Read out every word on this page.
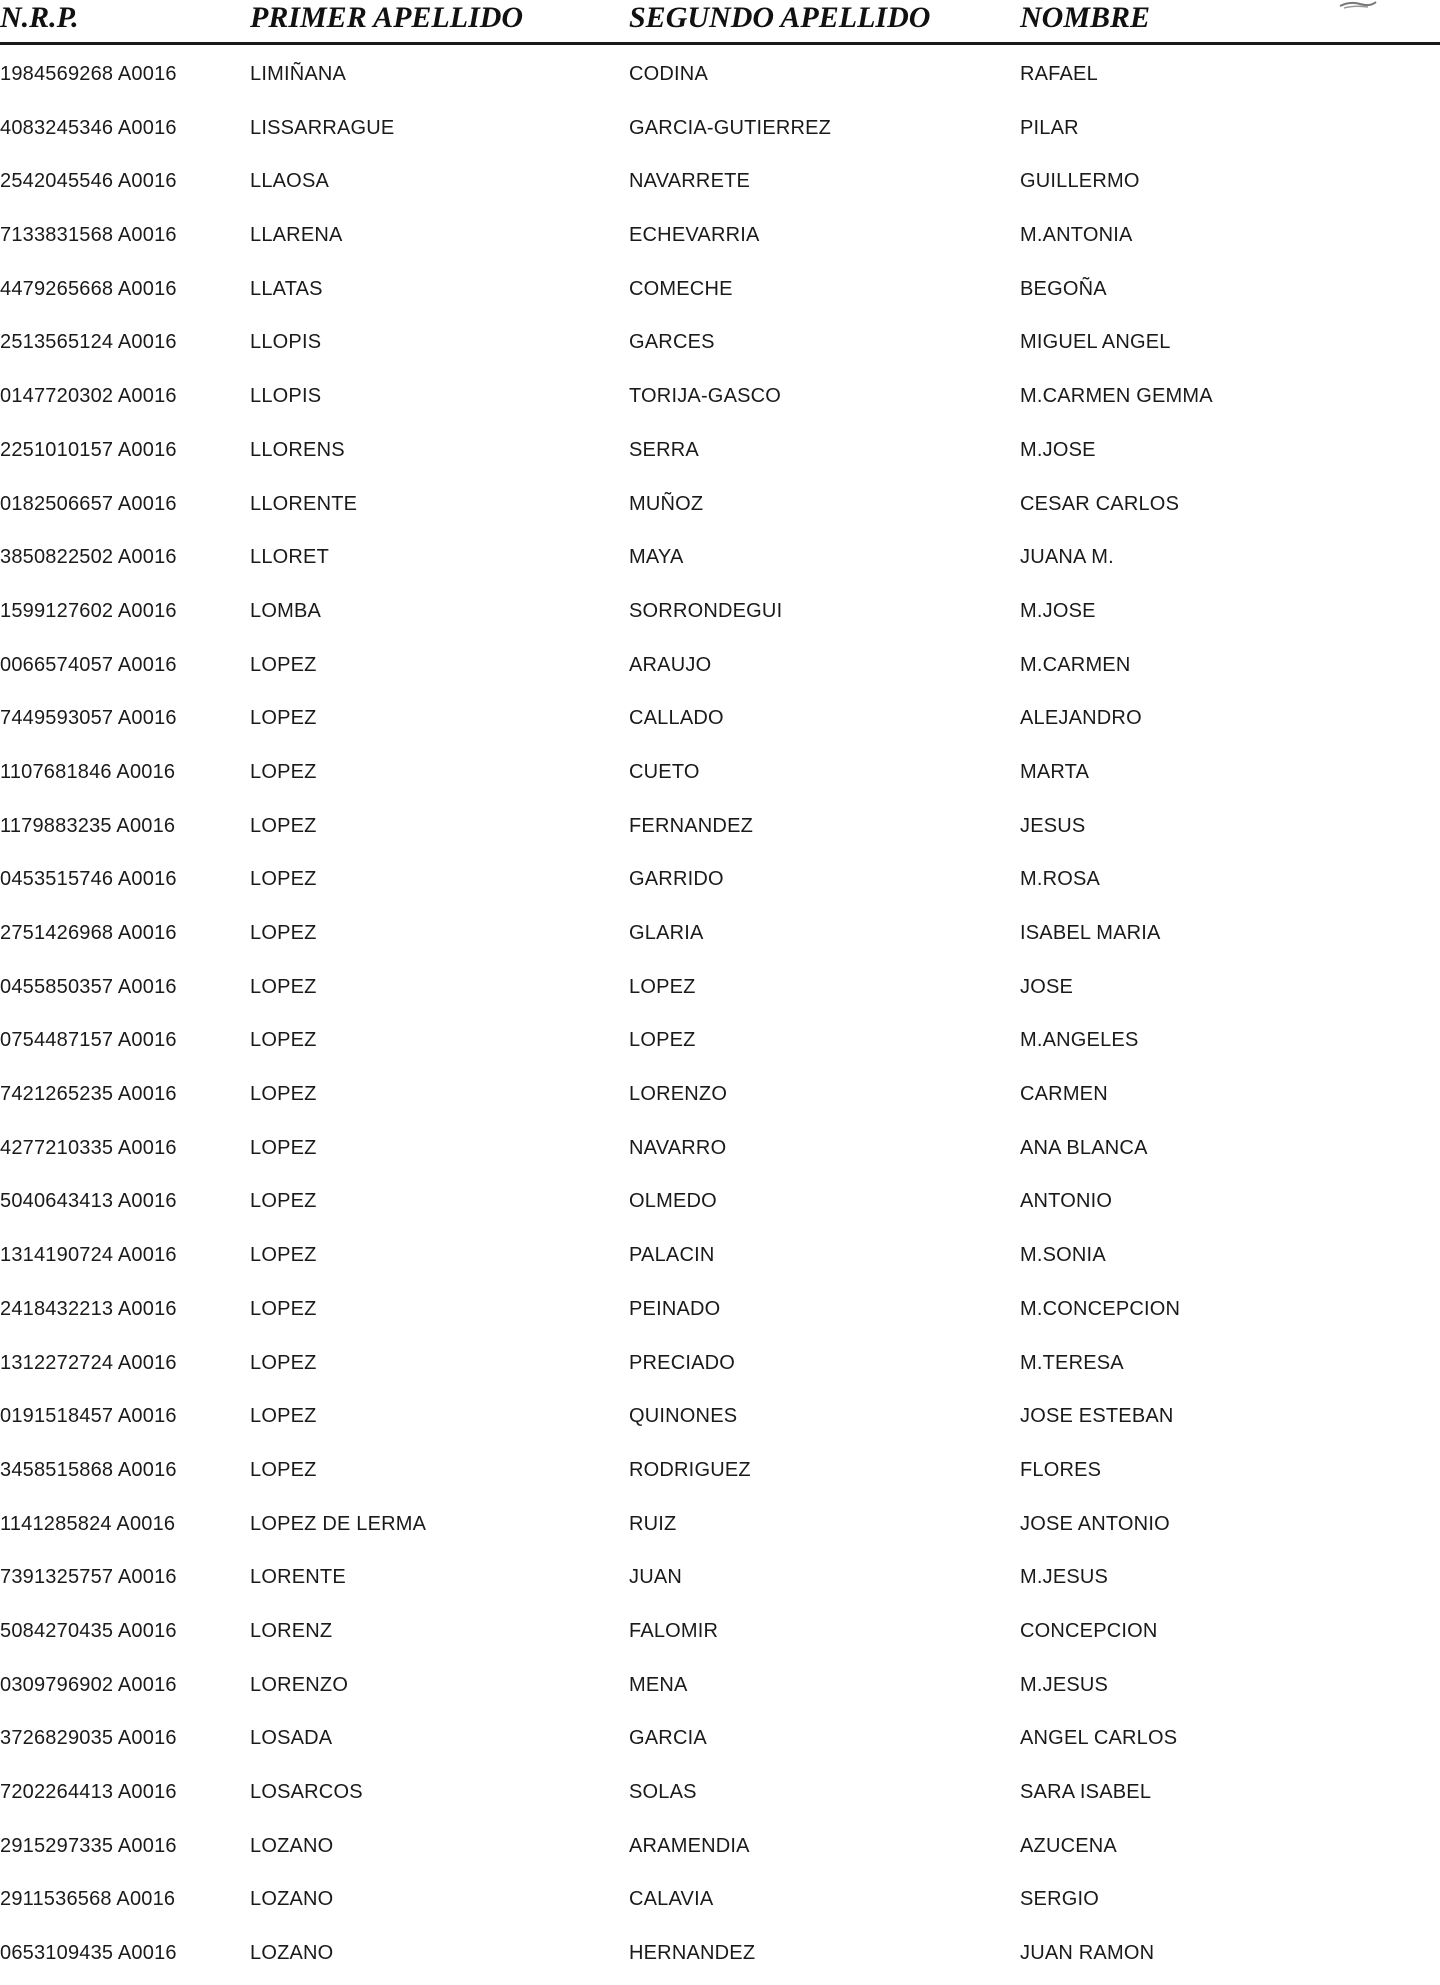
N.R.P.	PRIMER APELLIDO	SEGUNDO APELLIDO	NOMBRE
1984569268 A0016	LIMIÑANA	CODINA	RAFAEL
4083245346 A0016	LISSARRAGUE	GARCIA-GUTIERREZ	PILAR
2542045546 A0016	LLAOSA	NAVARRETE	GUILLERMO
7133831568 A0016	LLARENA	ECHEVARRIA	M.ANTONIA
4479265668 A0016	LLATAS	COMECHE	BEGOÑA
2513565124 A0016	LLOPIS	GARCES	MIGUEL ANGEL
0147720302 A0016	LLOPIS	TORIJA-GASCO	M.CARMEN GEMMA
2251010157 A0016	LLORENS	SERRA	M.JOSE
0182506657 A0016	LLORENTE	MUÑOZ	CESAR CARLOS
3850822502 A0016	LLORET	MAYA	JUANA M.
1599127602 A0016	LOMBA	SORRONDEGUI	M.JOSE
0066574057 A0016	LOPEZ	ARAUJO	M.CARMEN
7449593057 A0016	LOPEZ	CALLADO	ALEJANDRO
1107681846 A0016	LOPEZ	CUETO	MARTA
1179883235 A0016	LOPEZ	FERNANDEZ	JESUS
0453515746 A0016	LOPEZ	GARRIDO	M.ROSA
2751426968 A0016	LOPEZ	GLARIA	ISABEL MARIA
0455850357 A0016	LOPEZ	LOPEZ	JOSE
0754487157 A0016	LOPEZ	LOPEZ	M.ANGELES
7421265235 A0016	LOPEZ	LORENZO	CARMEN
4277210335 A0016	LOPEZ	NAVARRO	ANA BLANCA
5040643413 A0016	LOPEZ	OLMEDO	ANTONIO
1314190724 A0016	LOPEZ	PALACIN	M.SONIA
2418432213 A0016	LOPEZ	PEINADO	M.CONCEPCION
1312272724 A0016	LOPEZ	PRECIADO	M.TERESA
0191518457 A0016	LOPEZ	QUINONES	JOSE ESTEBAN
3458515868 A0016	LOPEZ	RODRIGUEZ	FLORES
1141285824 A0016	LOPEZ DE LERMA	RUIZ	JOSE ANTONIO
7391325757 A0016	LORENTE	JUAN	M.JESUS
5084270435 A0016	LORENZ	FALOMIR	CONCEPCION
0309796902 A0016	LORENZO	MENA	M.JESUS
3726829035 A0016	LOSADA	GARCIA	ANGEL CARLOS
7202264413 A0016	LOSARCOS	SOLAS	SARA ISABEL
2915297335 A0016	LOZANO	ARAMENDIA	AZUCENA
2911536568 A0016	LOZANO	CALAVIA	SERGIO
0653109435 A0016	LOZANO	HERNANDEZ	JUAN RAMON
